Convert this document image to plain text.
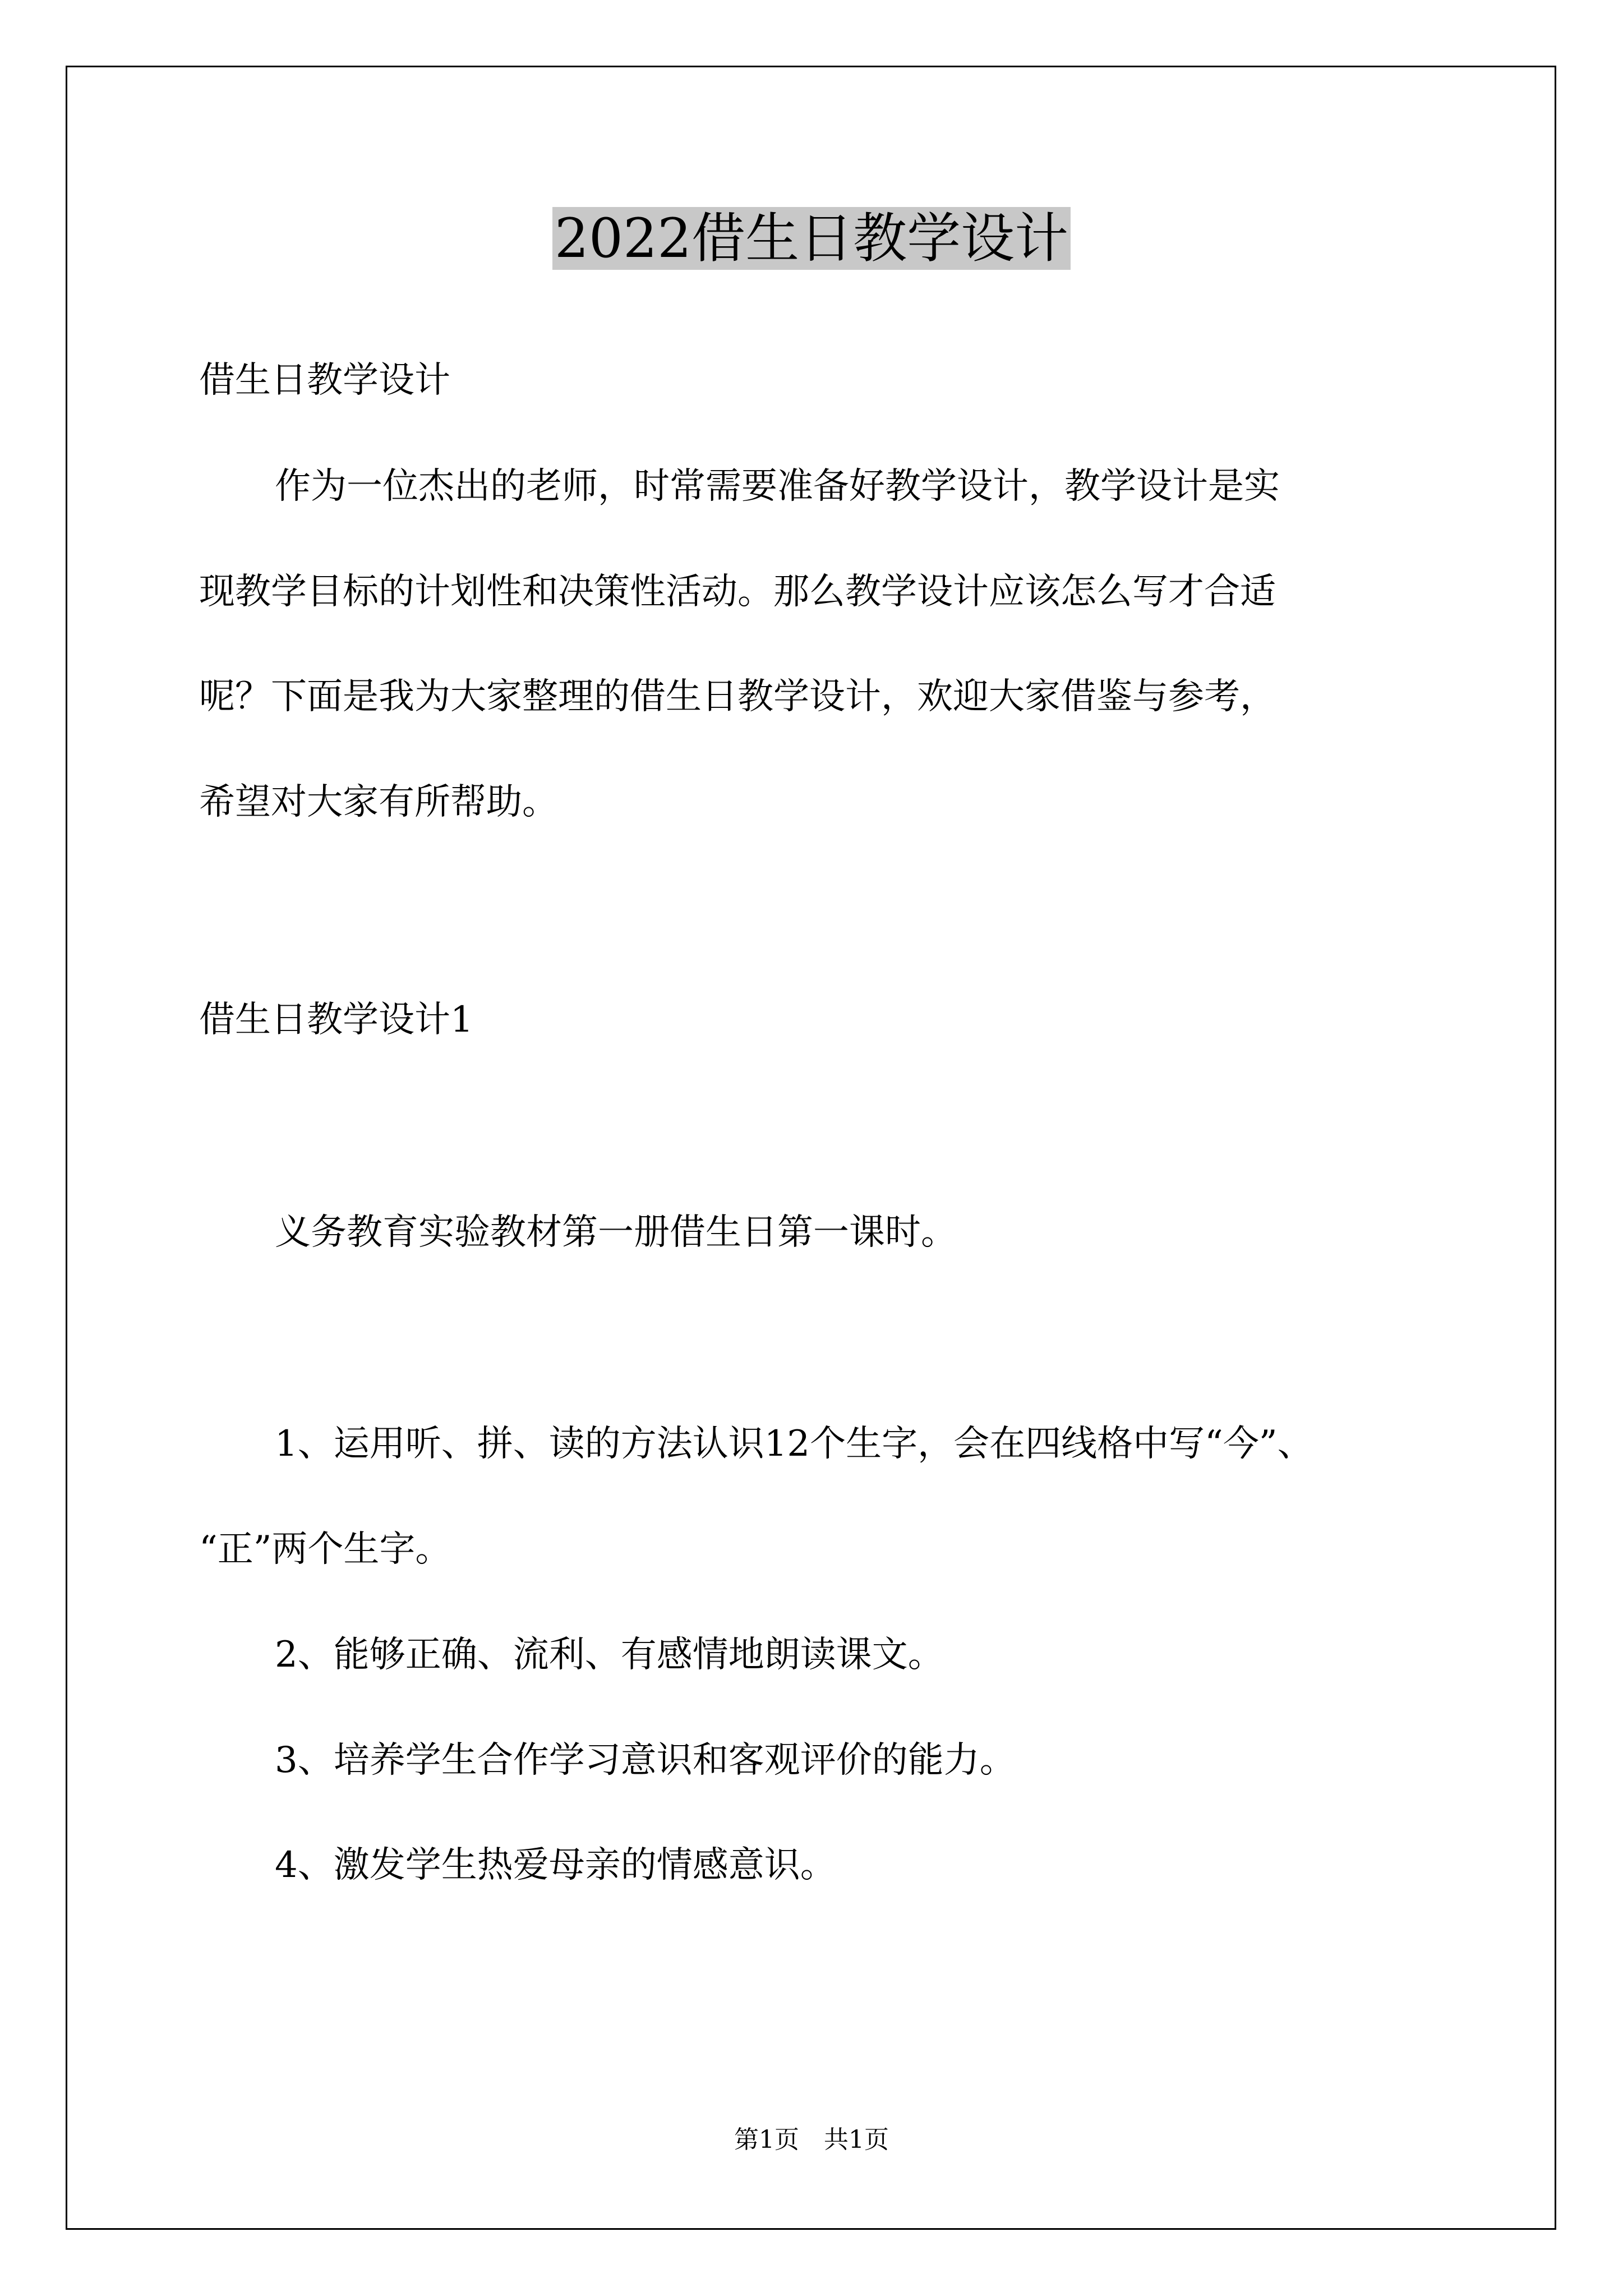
2022借生日教学设计
借生日教学设计
作为一位杰出的老师，时常需要准备好教学设计，教学设计是实
现教学目标的计划性和决策性活动。那么教学设计应该怎么写才合适
呢？下面是我为大家整理的借生日教学设计，欢迎大家借鉴与参考，
希望对大家有所帮助。
借生日教学设计1
义务教育实验教材第一册借生日第一课时。
1、运用听、拼、读的方法认识12个生字，会在四线格中写“今”、
“正”两个生字。
2、能够正确、流利、有感情地朗读课文。
3、培养学生合作学习意识和客观评价的能力。
4、激发学生热爱母亲的情感意识。
第1页　共1页
